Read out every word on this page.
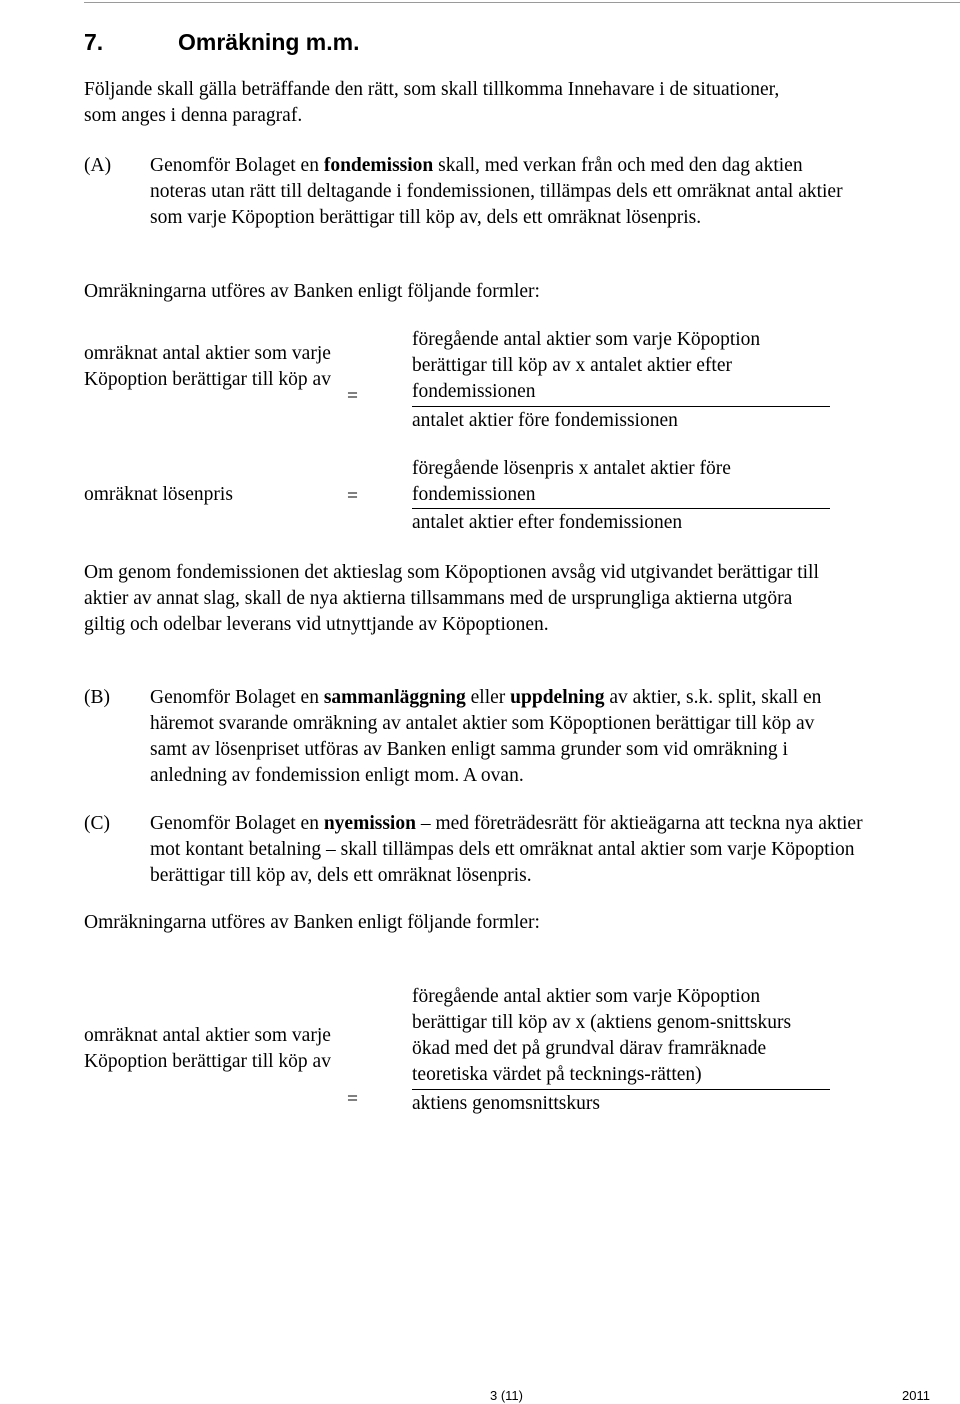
7.	Omräkning m.m.
Följande skall gälla beträffande den rätt, som skall tillkomma Innehavare i de situationer, som anges i denna paragraf.
(A) Genomför Bolaget en fondemission skall, med verkan från och med den dag aktien noteras utan rätt till deltagande i fondemissionen, tillämpas dels ett omräknat antal aktier som varje Köpoption berättigar till köp av, dels ett omräknat lösenpris.
Omräkningarna utföres av Banken enligt följande formler:
omräknat antal aktier som varje Köpoption berättigar till köp av
=
föregående antal aktier som varje Köpoption berättigar till köp av x antalet aktier efter fondemissionen
antalet aktier före fondemissionen
omräknat lösenpris	=
föregående lösenpris x antalet aktier före fondemissionen
antalet aktier efter fondemissionen
Om genom fondemissionen det aktieslag som Köpoptionen avsåg vid utgivandet berättigar till aktier av annat slag, skall de nya aktierna tillsammans med de ursprungliga aktierna utgöra giltig och odelbar leverans vid utnyttjande av Köpoptionen.
(B) Genomför Bolaget en sammanläggning eller uppdelning av aktier, s.k. split, skall en häremot svarande omräkning av antalet aktier som Köpoptionen berättigar till köp av samt av lösenpriset utföras av Banken enligt samma grunder som vid omräkning i anledning av fondemission enligt mom. A ovan.
(C) Genomför Bolaget en nyemission – med företrädesrätt för aktieägarna att teckna nya aktier mot kontant betalning – skall tillämpas dels ett omräknat antal aktier som varje Köpoption berättigar till köp av, dels ett omräknat lösenpris.
Omräkningarna utföres av Banken enligt följande formler:
omräknat antal aktier som varje Köpoption berättigar till köp av
=
föregående antal aktier som varje Köpoption berättigar till köp av x (aktiens genom-snittskurs ökad med det på grundval därav framräknade teoretiska värdet på tecknings-rätten)
aktiens genomsnittskurs
3 (11)	2011
